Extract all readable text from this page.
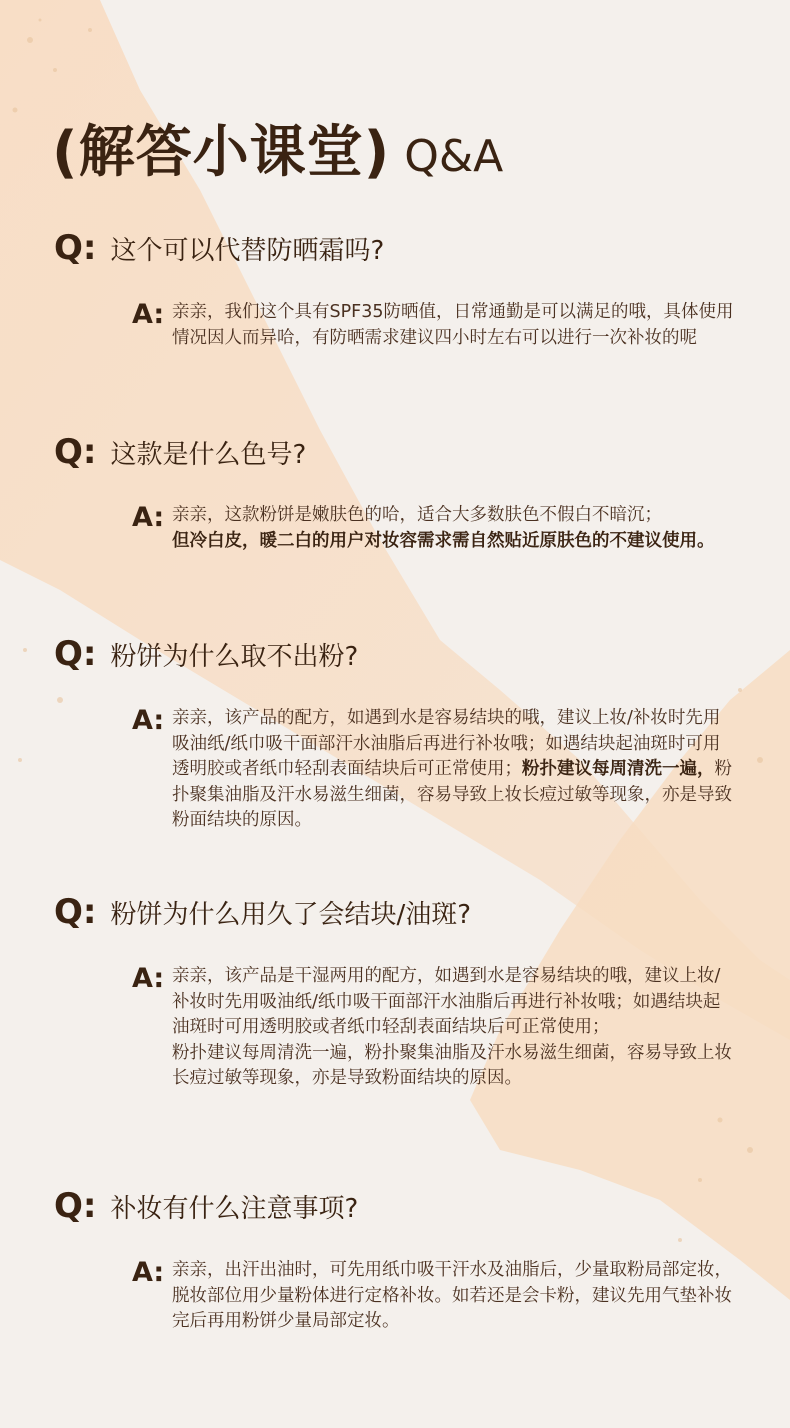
(解答小课堂) Q&A
Q: 这个可以代替防晒霜吗?
A: 亲亲，我们这个具有SPF35防晒值，日常通勤是可以满足的哦，具体使用情况因人而异哈，有防晒需求建议四小时左右可以进行一次补妆的呢

Q: 这款是什么色号?
A: 亲亲，这款粉饼是嫩肤色的哈，适合大多数肤色不假白不暗沉；

但冷白皮，暖二白的用户对妆容需求需自然贴近原肤色的不建议使用。

Q: 粉饼为什么取不出粉?
A: 亲亲，该产品的配方，如遇到水是容易结块的哦，建议上妆/补妆时先用吸油纸/纸巾吸干面部汗水油脂后再进行补妆哦；如遇结块起油斑时可用透明胶或者纸巾轻刮表面结块后可正常使用；粉扑建议每周清洗一遍，粉扑聚集油脂及汗水易滋生细菌，容易导致上妆长痘过敏等现象，亦是导致粉面结块的原因。

Q: 粉饼为什么用久了会结块/油斑?
A: 亲亲，该产品是干湿两用的配方，如遇到水是容易结块的哦，建议上妆/补妆时先用吸油纸/纸巾吸干面部汗水油脂后再进行补妆哦；如遇结块起油斑时可用透明胶或者纸巾轻刮表面结块后可正常使用；

粉扑建议每周清洗一遍，粉扑聚集油脂及汗水易滋生细菌，容易导致上妆长痘过敏等现象，亦是导致粉面结块的原因。

Q: 补妆有什么注意事项?
A: 亲亲，出汗出油时，可先用纸巾吸干汗水及油脂后，少量取粉局部定妆，脱妆部位用少量粉体进行定格补妆。如若还是会卡粉，建议先用气垫补妆完后再用粉饼少量局部定妆。
